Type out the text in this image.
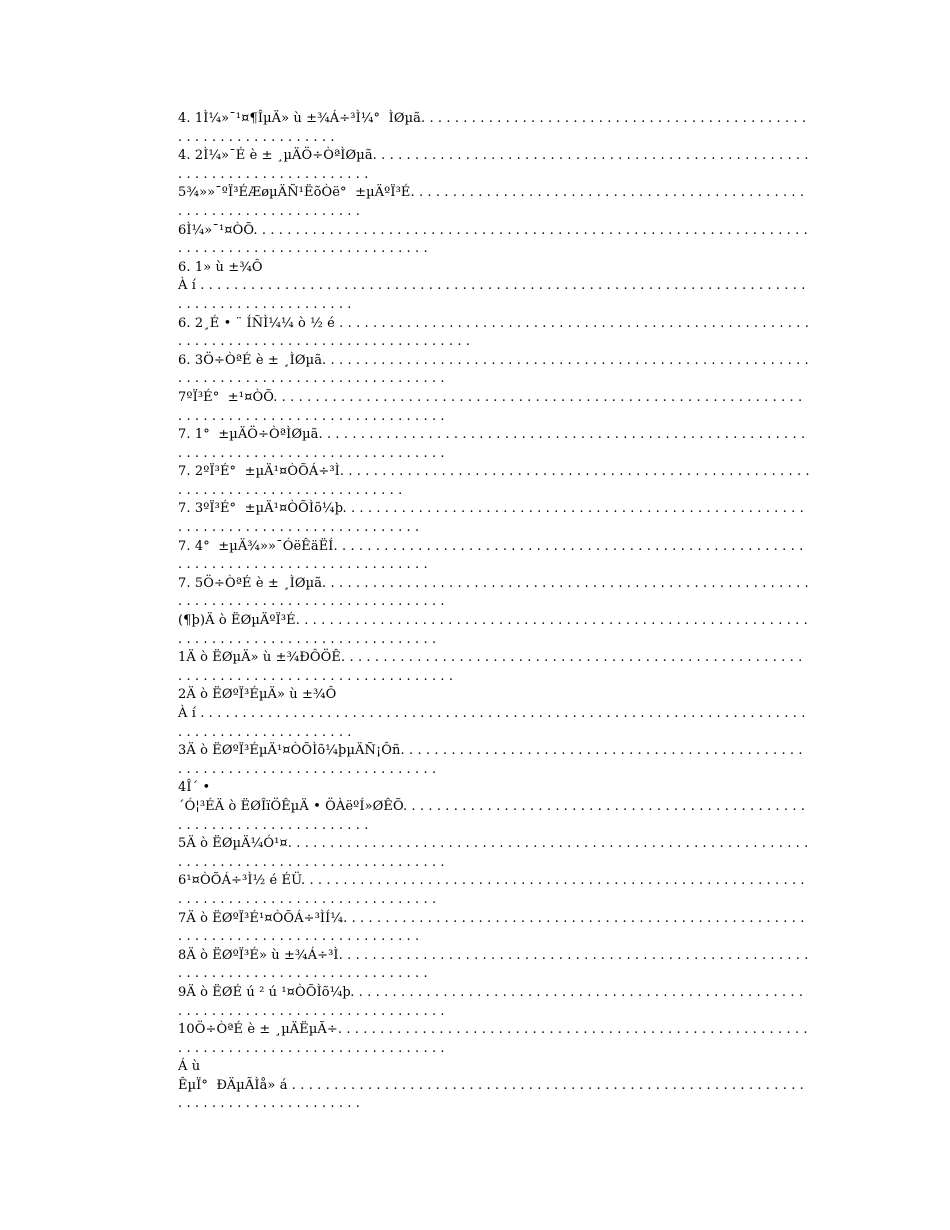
4. 1Ì¼»¯¹¤¶ÎµÄ» ù ±¾Á÷³Ì¼°  ÌØµã. . . . . . . . . . . . . . . . . . . . . . . . . . . . . . . . . . . . . . . . . . . . . . . . . . . . . . . . . . . . . . . . .
4. 2Ì¼»¯É è ± ¸µÄÖ÷ÒªÌØµã. . . . . . . . . . . . . . . . . . . . . . . . . . . . . . . . . . . . . . . . . . . . . . . . . . . . . . . . . . . . . . . . . . . . . . . . . . .
5¾»»¯ºÏ³ÉÆøµÄÑ¹ËõÒë°  ±µÄºÏ³É. . . . . . . . . . . . . . . . . . . . . . . . . . . . . . . . . . . . . . . . . . . . . . . . . . . . . . . . . . . . . . . . . . . . .
6Ì¼»¯¹¤ÒÕ. . . . . . . . . . . . . . . . . . . . . . . . . . . . . . . . . . . . . . . . . . . . . . . . . . . . . . . . . . . . . . . . . . . . . . . . . . . . . . . . . . . . . . . . . . . . . . . .
6. 1» ù ±¾Ô
À í . . . . . . . . . . . . . . . . . . . . . . . . . . . . . . . . . . . . . . . . . . . . . . . . . . . . . . . . . . . . . . . . . . . . . . . . . . . . . . . . . . . . . . . . . . . . .
6. 2¸É • ¨ ÍÑÌ¼¼ ò ½ é . . . . . . . . . . . . . . . . . . . . . . . . . . . . . . . . . . . . . . . . . . . . . . . . . . . . . . . . . . . . . . . . . . . . . . . . . . . . . . . . . . . . . . . . . . .
6. 3Ö÷ÒªÉ è ± ¸ÌØµã. . . . . . . . . . . . . . . . . . . . . . . . . . . . . . . . . . . . . . . . . . . . . . . . . . . . . . . . . . . . . . . . . . . . . . . . . . . . . . . . . . . . . . . . . .
7ºÏ³É°  ±¹¤ÒÕ. . . . . . . . . . . . . . . . . . . . . . . . . . . . . . . . . . . . . . . . . . . . . . . . . . . . . . . . . . . . . . . . . . . . . . . . . . . . . . . . . . . . . . . . . . . . . . .
7. 1°  ±µÄÖ÷ÒªÌØµã. . . . . . . . . . . . . . . . . . . . . . . . . . . . . . . . . . . . . . . . . . . . . . . . . . . . . . . . . . . . . . . . . . . . . . . . . . . . . . . . . . . . . . . . . .
7. 2ºÏ³É°  ±µÄ¹¤ÒÕÁ÷³Ì. . . . . . . . . . . . . . . . . . . . . . . . . . . . . . . . . . . . . . . . . . . . . . . . . . . . . . . . . . . . . . . . . . . . . . . . . . . . . . . . . . .
7. 3ºÏ³É°  ±µÄ¹¤ÒÕÌõ¼þ. . . . . . . . . . . . . . . . . . . . . . . . . . . . . . . . . . . . . . . . . . . . . . . . . . . . . . . . . . . . . . . . . . . . . . . . . . . . . . . . . . . .
7. 4°  ±µÄ¾»»¯ÓëÊäËÍ. . . . . . . . . . . . . . . . . . . . . . . . . . . . . . . . . . . . . . . . . . . . . . . . . . . . . . . . . . . . . . . . . . . . . . . . . . . . . . . . . . . . . .
7. 5Ö÷ÒªÉ è ± ¸ÌØµã. . . . . . . . . . . . . . . . . . . . . . . . . . . . . . . . . . . . . . . . . . . . . . . . . . . . . . . . . . . . . . . . . . . . . . . . . . . . . . . . . . . . . . . . . .
(¶þ)Ä ò ËØµÄºÏ³É. . . . . . . . . . . . . . . . . . . . . . . . . . . . . . . . . . . . . . . . . . . . . . . . . . . . . . . . . . . . . . . . . . . . . . . . . . . . . . . . . . . . . . . . . . . .
1Ä ò ËØµÄ» ù ±¾ÐÔÖÊ. . . . . . . . . . . . . . . . . . . . . . . . . . . . . . . . . . . . . . . . . . . . . . . . . . . . . . . . . . . . . . . . . . . . . . . . . . . . . . . . . . . . . . . .
2Ä ò ËØºÏ³ÉµÄ» ù ±¾Ô
À í . . . . . . . . . . . . . . . . . . . . . . . . . . . . . . . . . . . . . . . . . . . . . . . . . . . . . . . . . . . . . . . . . . . . . . . . . . . . . . . . . . . . . . . . . . . . .
3Ä ò ËØºÏ³ÉµÄ¹¤ÒÕÌõ¼þµÄÑ¡Ôñ. . . . . . . . . . . . . . . . . . . . . . . . . . . . . . . . . . . . . . . . . . . . . . . . . . . . . . . . . . . . . . . . . . . . . . . . . . . . . . .
4Î´ •
´Ó¦³ÉÄ ò ËØÎïÖÊµÄ • ÖÀëºÍ»ØÊÕ. . . . . . . . . . . . . . . . . . . . . . . . . . . . . . . . . . . . . . . . . . . . . . . . . . . . . . . . . . . . . . . . . . . . . . .
5Ä ò ËØµÄ¼Ó¹¤. . . . . . . . . . . . . . . . . . . . . . . . . . . . . . . . . . . . . . . . . . . . . . . . . . . . . . . . . . . . . . . . . . . . . . . . . . . . . . . . . . . . . . . . . . . . . .
6¹¤ÒÕÁ÷³Ì½ é ÉÜ. . . . . . . . . . . . . . . . . . . . . . . . . . . . . . . . . . . . . . . . . . . . . . . . . . . . . . . . . . . . . . . . . . . . . . . . . . . . . . . . . . . . . . . . . . .
7Ä ò ËØºÏ³É¹¤ÒÕÁ÷³ÌÍ¼. . . . . . . . . . . . . . . . . . . . . . . . . . . . . . . . . . . . . . . . . . . . . . . . . . . . . . . . . . . . . . . . . . . . . . . . . . . . . . . . . . . .
8Ä ò ËØºÏ³É» ù ±¾Á÷³Ì. . . . . . . . . . . . . . . . . . . . . . . . . . . . . . . . . . . . . . . . . . . . . . . . . . . . . . . . . . . . . . . . . . . . . . . . . . . . . . . . . . . . . .
9Ä ò ËØÉ ú ² ú ¹¤ÒÕÌõ¼þ. . . . . . . . . . . . . . . . . . . . . . . . . . . . . . . . . . . . . . . . . . . . . . . . . . . . . . . . . . . . . . . . . . . . . . . . . . . . . . . . . . . . . .
10Ö÷ÒªÉ è ± ¸µÄËµÃ÷. . . . . . . . . . . . . . . . . . . . . . . . . . . . . . . . . . . . . . . . . . . . . . . . . . . . . . . . . . . . . . . . . . . . . . . . . . . . . . . . . . . . . . . .
Á ù
ÊµÏ°  ÐÄµÃÌå» á . . . . . . . . . . . . . . . . . . . . . . . . . . . . . . . . . . . . . . . . . . . . . . . . . . . . . . . . . . . . . . . . . . . . . . . . . . . . . . . . . . .
